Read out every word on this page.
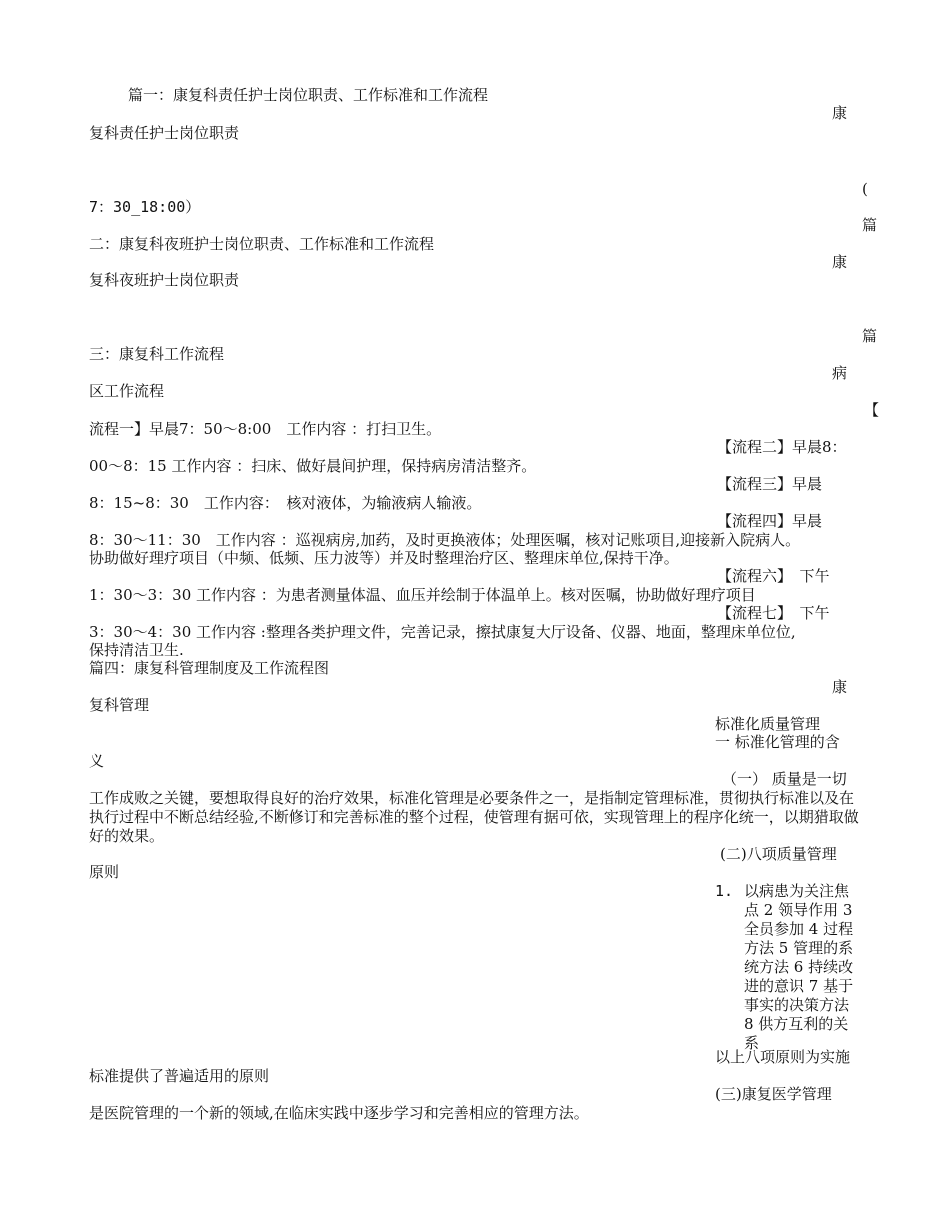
篇一：康复科责任护士岗位职责、工作标准和工作流程
康
复科责任护士岗位职责
(
7：30_18:00）
篇
二：康复科夜班护士岗位职责、工作标准和工作流程
康
复科夜班护士岗位职责
篇
三：康复科工作流程
病
区工作流程
【
流程一】早晨7：50～8:00　工作内容 ：打扫卫生。
【流程二】早晨8：
00～8：15 工作内容 ：扫床、做好晨间护理，保持病房清洁整齐。
【流程三】早晨
8：15~8：30　工作内容：　核对液体，为输液病人输液。
【流程四】早晨
8：30～11：30　工作内容 ：巡视病房,加药，及时更换液体；处理医嘱，核对记账项目,迎接新入院病人。
协助做好理疗项目（中频、低频、压力波等）并及时整理治疗区、整理床单位,保持干净。
【流程六】　下午
1：30～3：30 工作内容 ：为患者测量体温、血压并绘制于体温单上。核对医嘱，协助做好理疗项目
【流程七】　下午
3：30～4：30 工作内容 :整理各类护理文件，完善记录，擦拭康复大厅设备、仪器、地面，整理床单位位,
保持清洁卫生.
篇四：康复科管理制度及工作流程图
康
复科管理
标准化质量管理
一 标准化管理的含
义
（一） 质量是一切
工作成败之关键，要想取得良好的治疗效果，标准化管理是必要条件之一，是指制定管理标准，贯彻执行标准以及在执行过程中不断总结经验,不断修订和完善标准的整个过程，使管理有据可依，实现管理上的程序化统一，以期猎取做好的效果。
(二)八项质量管理
原则
1. 以病患为关注焦点 2 领导作用 3 全员参加 4 过程方法 5 管理的系统方法 6 持续改进的意识 7 基于事实的决策方法 8 供方互利的关系
以上八项原则为实施
标准提供了普遍适用的原则
(三)康复医学管理
是医院管理的一个新的领域,在临床实践中逐步学习和完善相应的管理方法。
